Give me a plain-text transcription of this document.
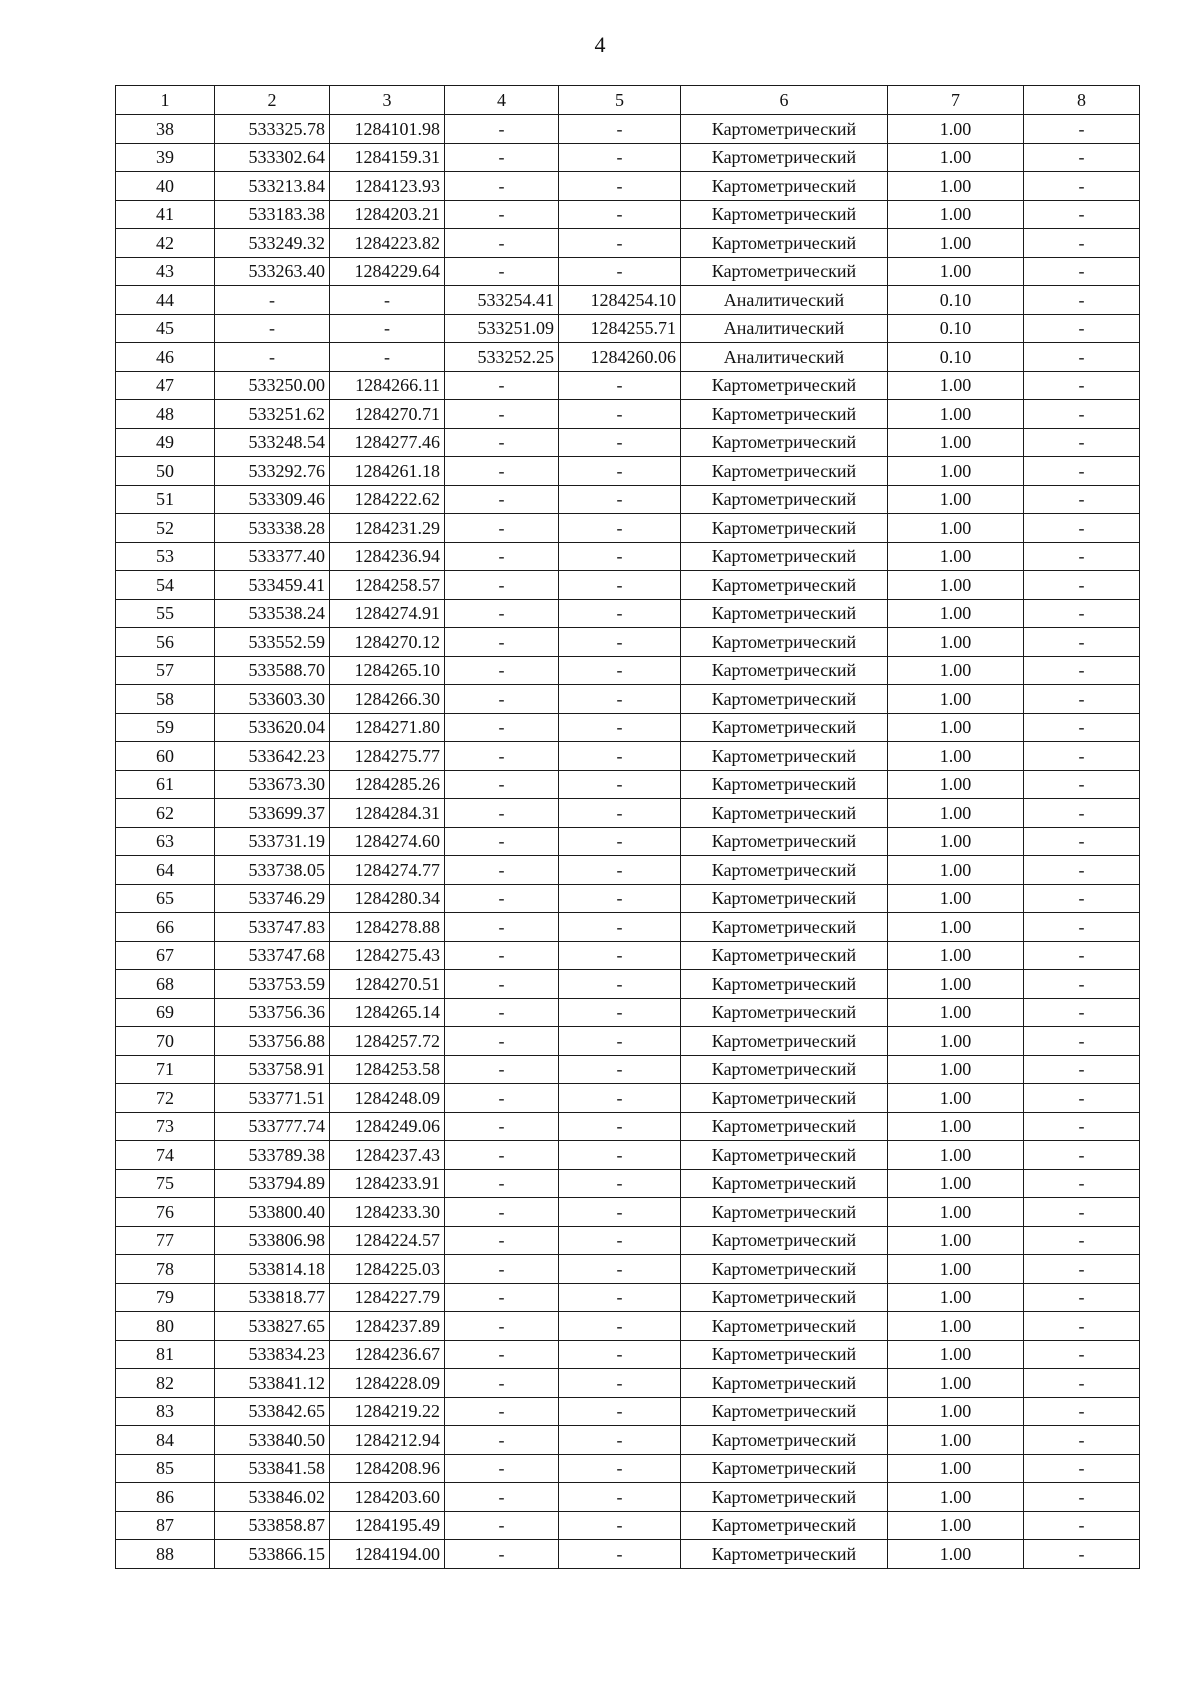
4
1	2	3	4	5	6	7	8
38	533325.78	1284101.98	-	-	Картометрический	1.00	-
39	533302.64	1284159.31	-	-	Картометрический	1.00	-
40	533213.84	1284123.93	-	-	Картометрический	1.00	-
41	533183.38	1284203.21	-	-	Картометрический	1.00	-
42	533249.32	1284223.82	-	-	Картометрический	1.00	-
43	533263.40	1284229.64	-	-	Картометрический	1.00	-
44	-	-	533254.41	1284254.10	Аналитический	0.10	-
45	-	-	533251.09	1284255.71	Аналитический	0.10	-
46	-	-	533252.25	1284260.06	Аналитический	0.10	-
47	533250.00	1284266.11	-	-	Картометрический	1.00	-
48	533251.62	1284270.71	-	-	Картометрический	1.00	-
49	533248.54	1284277.46	-	-	Картометрический	1.00	-
50	533292.76	1284261.18	-	-	Картометрический	1.00	-
51	533309.46	1284222.62	-	-	Картометрический	1.00	-
52	533338.28	1284231.29	-	-	Картометрический	1.00	-
53	533377.40	1284236.94	-	-	Картометрический	1.00	-
54	533459.41	1284258.57	-	-	Картометрический	1.00	-
55	533538.24	1284274.91	-	-	Картометрический	1.00	-
56	533552.59	1284270.12	-	-	Картометрический	1.00	-
57	533588.70	1284265.10	-	-	Картометрический	1.00	-
58	533603.30	1284266.30	-	-	Картометрический	1.00	-
59	533620.04	1284271.80	-	-	Картометрический	1.00	-
60	533642.23	1284275.77	-	-	Картометрический	1.00	-
61	533673.30	1284285.26	-	-	Картометрический	1.00	-
62	533699.37	1284284.31	-	-	Картометрический	1.00	-
63	533731.19	1284274.60	-	-	Картометрический	1.00	-
64	533738.05	1284274.77	-	-	Картометрический	1.00	-
65	533746.29	1284280.34	-	-	Картометрический	1.00	-
66	533747.83	1284278.88	-	-	Картометрический	1.00	-
67	533747.68	1284275.43	-	-	Картометрический	1.00	-
68	533753.59	1284270.51	-	-	Картометрический	1.00	-
69	533756.36	1284265.14	-	-	Картометрический	1.00	-
70	533756.88	1284257.72	-	-	Картометрический	1.00	-
71	533758.91	1284253.58	-	-	Картометрический	1.00	-
72	533771.51	1284248.09	-	-	Картометрический	1.00	-
73	533777.74	1284249.06	-	-	Картометрический	1.00	-
74	533789.38	1284237.43	-	-	Картометрический	1.00	-
75	533794.89	1284233.91	-	-	Картометрический	1.00	-
76	533800.40	1284233.30	-	-	Картометрический	1.00	-
77	533806.98	1284224.57	-	-	Картометрический	1.00	-
78	533814.18	1284225.03	-	-	Картометрический	1.00	-
79	533818.77	1284227.79	-	-	Картометрический	1.00	-
80	533827.65	1284237.89	-	-	Картометрический	1.00	-
81	533834.23	1284236.67	-	-	Картометрический	1.00	-
82	533841.12	1284228.09	-	-	Картометрический	1.00	-
83	533842.65	1284219.22	-	-	Картометрический	1.00	-
84	533840.50	1284212.94	-	-	Картометрический	1.00	-
85	533841.58	1284208.96	-	-	Картометрический	1.00	-
86	533846.02	1284203.60	-	-	Картометрический	1.00	-
87	533858.87	1284195.49	-	-	Картометрический	1.00	-
88	533866.15	1284194.00	-	-	Картометрический	1.00	-
